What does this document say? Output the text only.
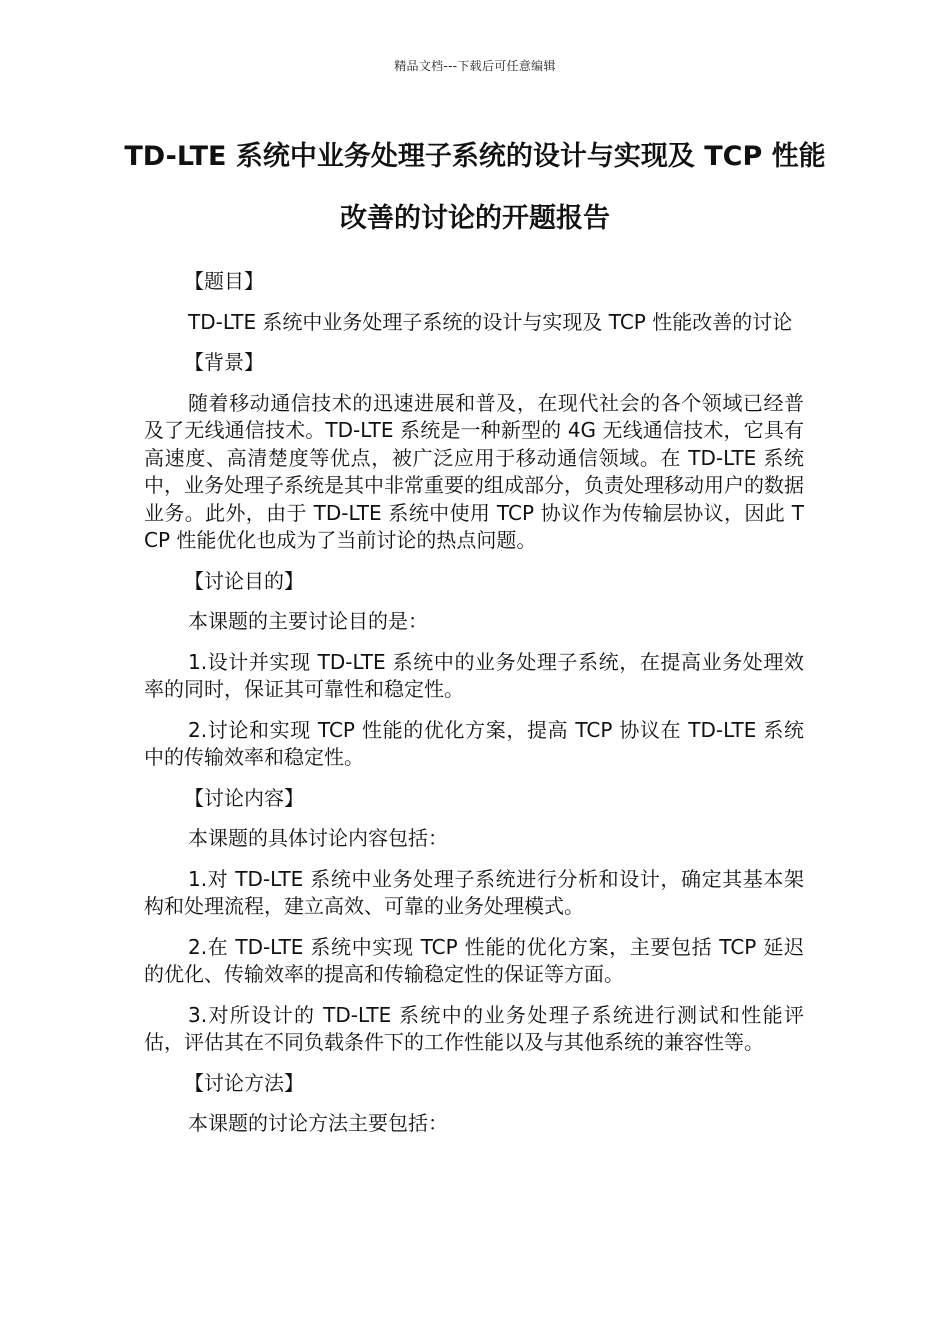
精品文档---下载后可任意编辑
TD-LTE 系统中业务处理子系统的设计与实现及 TCP 性能改善的讨论的开题报告

【题目】

TD-LTE 系统中业务处理子系统的设计与实现及 TCP 性能改善的讨论

【背景】

随着移动通信技术的迅速进展和普及，在现代社会的各个领域已经普及了无线通信技术。TD-LTE 系统是一种新型的 4G 无线通信技术，它具有高速度、高清楚度等优点，被广泛应用于移动通信领域。在 TD-LTE 系统中，业务处理子系统是其中非常重要的组成部分，负责处理移动用户的数据业务。此外，由于 TD-LTE 系统中使用 TCP 协议作为传输层协议，因此 TCP 性能优化也成为了当前讨论的热点问题。

【讨论目的】

本课题的主要讨论目的是：

1.设计并实现 TD-LTE 系统中的业务处理子系统，在提高业务处理效率的同时，保证其可靠性和稳定性。

2.讨论和实现 TCP 性能的优化方案，提高 TCP 协议在 TD-LTE 系统中的传输效率和稳定性。

【讨论内容】

本课题的具体讨论内容包括：

1.对 TD-LTE 系统中业务处理子系统进行分析和设计，确定其基本架构和处理流程，建立高效、可靠的业务处理模式。

2.在 TD-LTE 系统中实现 TCP 性能的优化方案，主要包括 TCP 延迟的优化、传输效率的提高和传输稳定性的保证等方面。

3.对所设计的 TD-LTE 系统中的业务处理子系统进行测试和性能评估，评估其在不同负载条件下的工作性能以及与其他系统的兼容性等。

【讨论方法】

本课题的讨论方法主要包括：
